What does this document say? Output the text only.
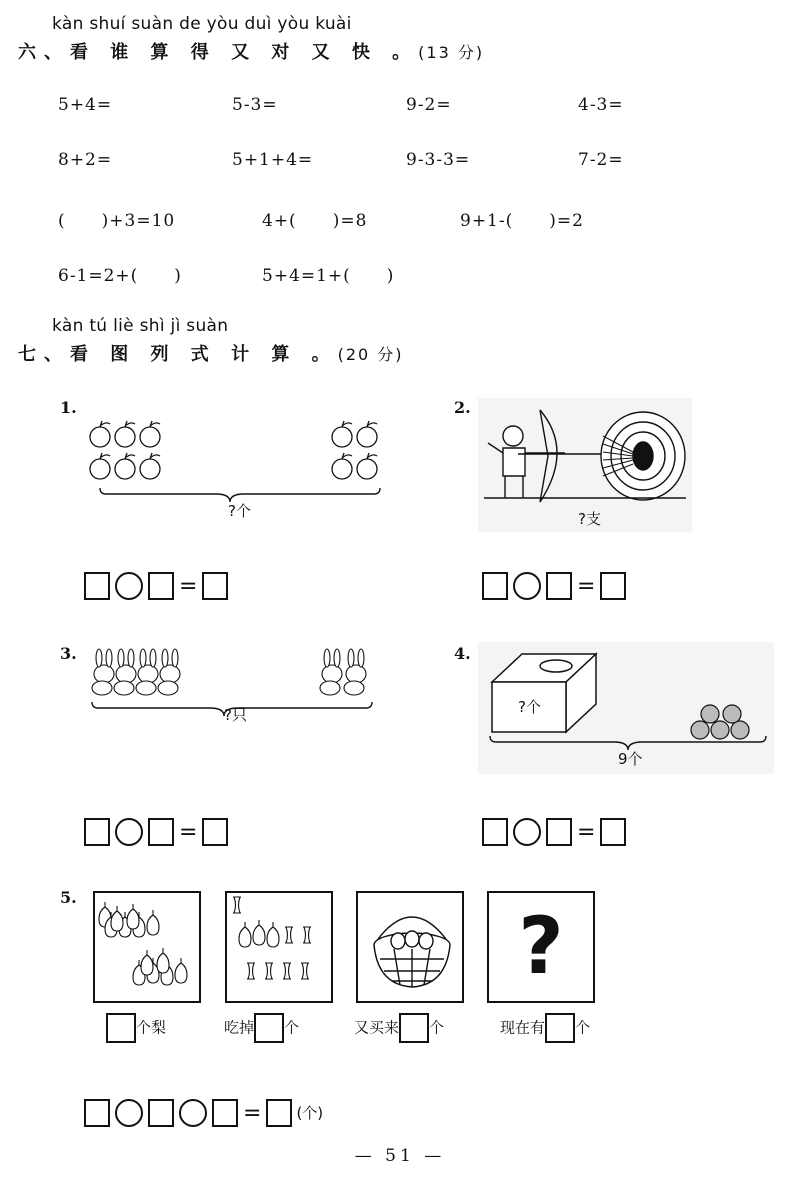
kàn shuí suàn de yòu duì yòu kuài
六、看 谁 算 得 又 对 又 快 。(13 分)
5+4=	5-3=	9-2=	4-3=
8+2=	5+1+4=	9-3-3=	7-2=
(　　)+3=10	4+(　　)=8	9+1-(　　)=2
6-1=2+(　　)	5+4=1+(　　)
kàn tú liè shì jì suàn
七、看 图 列 式 计 算 。(20 分)
1.
?个
=
2.
?支
=
3.
?只
=
4.
?个
9个
=
5.
?
个梨	吃掉 个	又买来 个	现在有 个
= (个)
— 51 —
